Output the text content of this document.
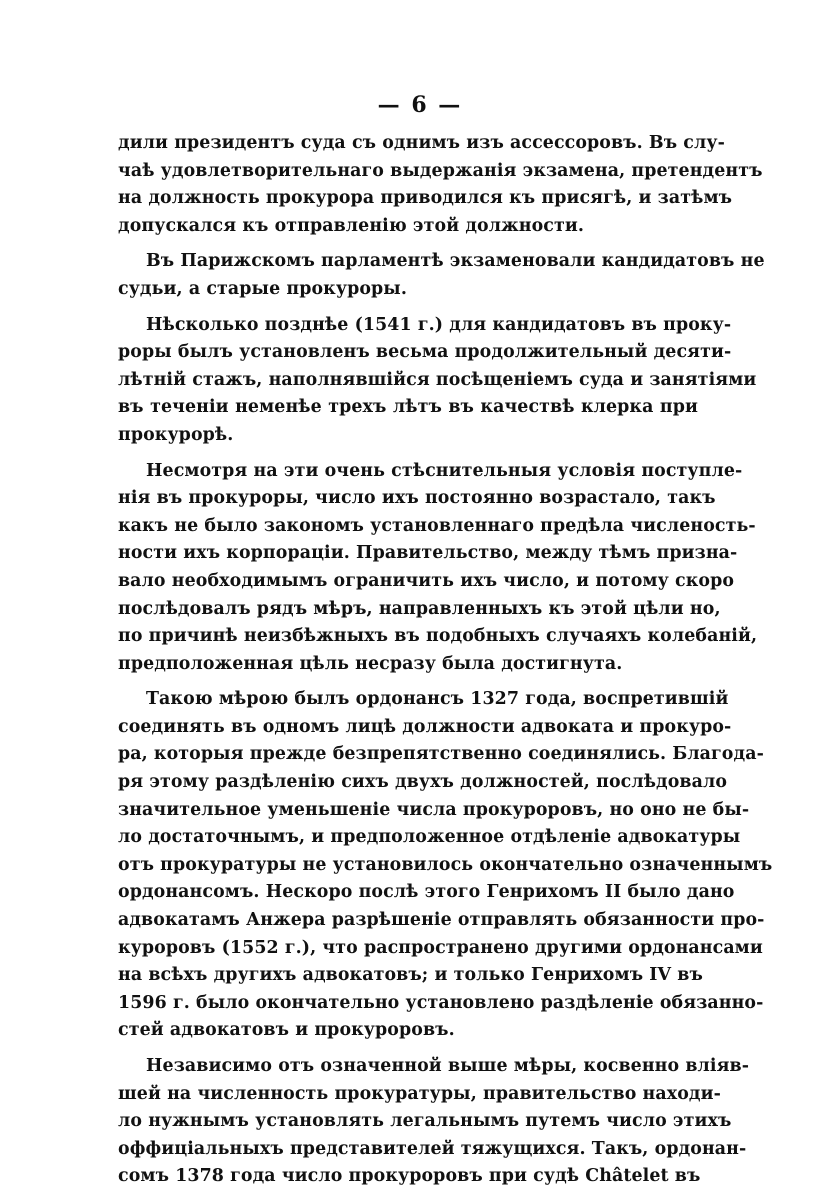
— 6 —
дили президентъ суда съ однимъ изъ ассессоровъ. Въ слу-
чаѣ удовлетворительнаго выдержанія экзамена, претендентъ
на должность прокурора приводился къ присягѣ, и затѣмъ
допускался къ отправленію этой должности.
Въ Парижскомъ парламентѣ экзаменовали кандидатовъ не
судьи, а старые прокуроры.
Нѣсколько позднѣе (1541 г.) для кандидатовъ въ проку-
роры былъ установленъ весьма продолжительный десяти-
лѣтній стажъ, наполнявшійся посѣщеніемъ суда и занятіями
въ теченіи неменѣе трехъ лѣтъ въ качествѣ клерка при
прокурорѣ.
Несмотря на эти очень стѣснительныя условія поступле-
нія въ прокуроры, число ихъ постоянно возрастало, такъ
какъ не было закономъ установленнаго предѣла численость-
ности ихъ корпораціи. Правительство, между тѣмъ призна-
вало необходимымъ ограничить ихъ число, и потому скоро
послѣдовалъ рядъ мѣръ, направленныхъ къ этой цѣли но,
по причинѣ неизбѣжныхъ въ подобныхъ случаяхъ колебаній,
предположенная цѣль несразу была достигнута.
Такою мѣрою былъ ордонансъ 1327 года, воспретившій
соединять въ одномъ лицѣ должности адвоката и прокуро-
ра, которыя прежде безпрепятственно соединялись. Благода-
ря этому раздѣленію сихъ двухъ должностей, послѣдовало
значительное уменьшеніе числа прокуроровъ, но оно не бы-
ло достаточнымъ, и предположенное отдѣленіе адвокатуры
отъ прокуратуры не установилось окончательно означеннымъ
ордонансомъ. Нескоро послѣ этого Генрихомъ II было дано
адвокатамъ Анжера разрѣшеніе отправлять обязанности про-
куроровъ (1552 г.), что распространено другими ордонансами
на всѣхъ другихъ адвокатовъ; и только Генрихомъ IV въ
1596 г. было окончательно установлено раздѣленіе обязанно-
стей адвокатовъ и прокуроровъ.
Независимо отъ означенной выше мѣры, косвенно вліяв-
шей на численность прокуратуры, правительство находи-
ло нужнымъ установлять легальнымъ путемъ число этихъ
оффиціальныхъ представителей тяжущихся. Такъ, ордонан-
сомъ 1378 года число прокуроровъ при судѣ Châtelet въ
